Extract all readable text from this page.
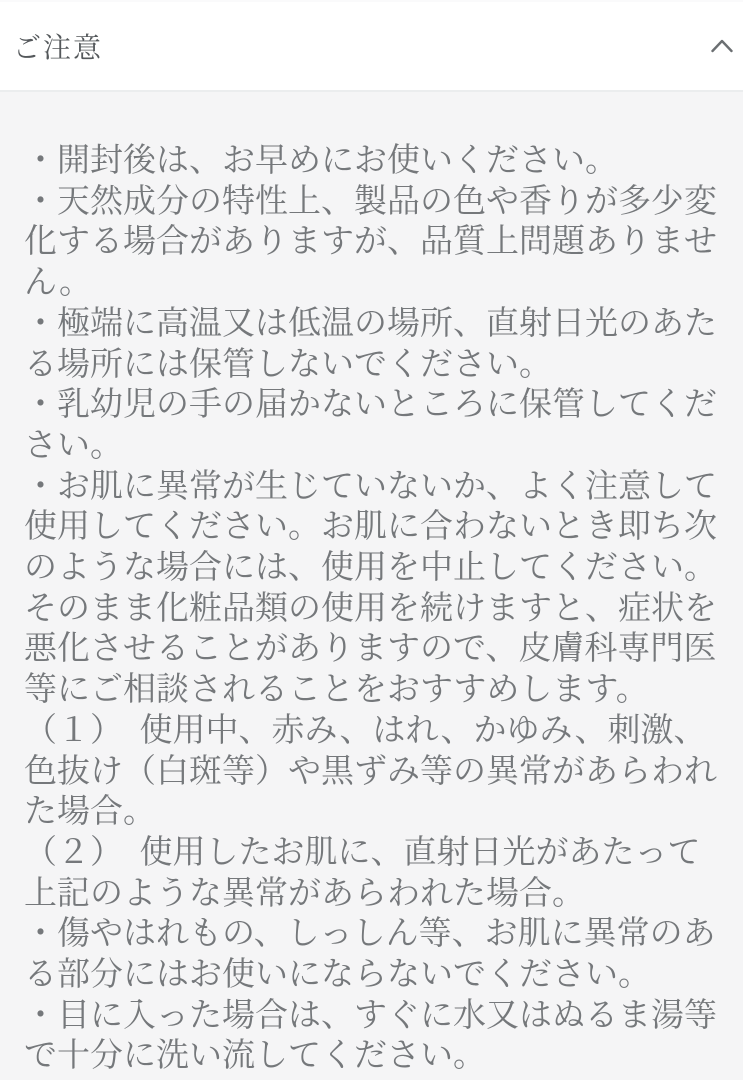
ご注意

・開封後は、お早めにお使いください。

・天然成分の特性上、製品の色や香りが多少変化する場合がありますが、品質上問題ありません。

・極端に高温又は低温の場所、直射日光のあたる場所には保管しないでください。

・乳幼児の手の届かないところに保管してください。

・お肌に異常が生じていないか、よく注意して使用してください。お肌に合わないとき即ち次のような場合には、使用を中止してください。そのまま化粧品類の使用を続けますと、症状を悪化させることがありますので、皮膚科専門医等にご相談されることをおすすめします。

（１）　使用中、赤み、はれ、かゆみ、刺激、色抜け（白斑等）や黒ずみ等の異常があらわれた場合。

（２）　使用したお肌に、直射日光があたって上記のような異常があらわれた場合。

・傷やはれもの、しっしん等、お肌に異常のある部分にはお使いにならないでください。

・目に入った場合は、すぐに水又はぬるま湯等で十分に洗い流してください。
